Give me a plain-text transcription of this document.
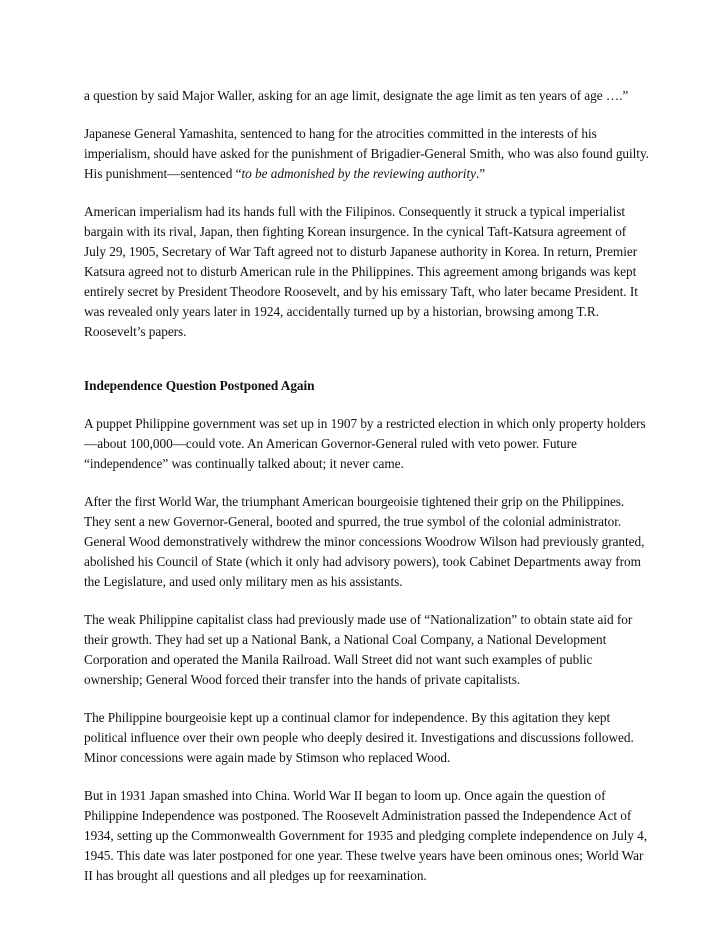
a question by said Major Waller, asking for an age limit, designate the age limit as ten years of age ….”

Japanese General Yamashita, sentenced to hang for the atrocities committed in the interests of his imperialism, should have asked for the punishment of Brigadier-General Smith, who was also found guilty. His punishment—sentenced “to be admonished by the reviewing authority.”

American imperialism had its hands full with the Filipinos. Consequently it struck a typical imperialist bargain with its rival, Japan, then fighting Korean insurgence. In the cynical Taft-Katsura agreement of July 29, 1905, Secretary of War Taft agreed not to disturb Japanese authority in Korea. In return, Premier Katsura agreed not to disturb American rule in the Philippines. This agreement among brigands was kept entirely secret by President Theodore Roosevelt, and by his emissary Taft, who later became President. It was revealed only years later in 1924, accidentally turned up by a historian, browsing among T.R. Roosevelt’s papers.

Independence Question Postponed Again

A puppet Philippine government was set up in 1907 by a restricted election in which only property holders—about 100,000—could vote. An American Governor-General ruled with veto power. Future “independence” was continually talked about; it never came.

After the first World War, the triumphant American bourgeoisie tightened their grip on the Philippines. They sent a new Governor-General, booted and spurred, the true symbol of the colonial administrator. General Wood demonstratively withdrew the minor concessions Woodrow Wilson had previously granted, abolished his Council of State (which it only had advisory powers), took Cabinet Departments away from the Legislature, and used only military men as his assistants.

The weak Philippine capitalist class had previously made use of “Nationalization” to obtain state aid for their growth. They had set up a National Bank, a National Coal Company, a National Development Corporation and operated the Manila Railroad. Wall Street did not want such examples of public ownership; General Wood forced their transfer into the hands of private capitalists.

The Philippine bourgeoisie kept up a continual clamor for independence. By this agitation they kept political influence over their own people who deeply desired it. Investigations and discussions followed. Minor concessions were again made by Stimson who replaced Wood.

But in 1931 Japan smashed into China. World War II began to loom up. Once again the question of Philippine Independence was postponed. The Roosevelt Administration passed the Independence Act of 1934, setting up the Commonwealth Government for 1935 and pledging complete independence on July 4, 1945. This date was later postponed for one year. These twelve years have been ominous ones; World War II has brought all questions and all pledges up for reexamination.
